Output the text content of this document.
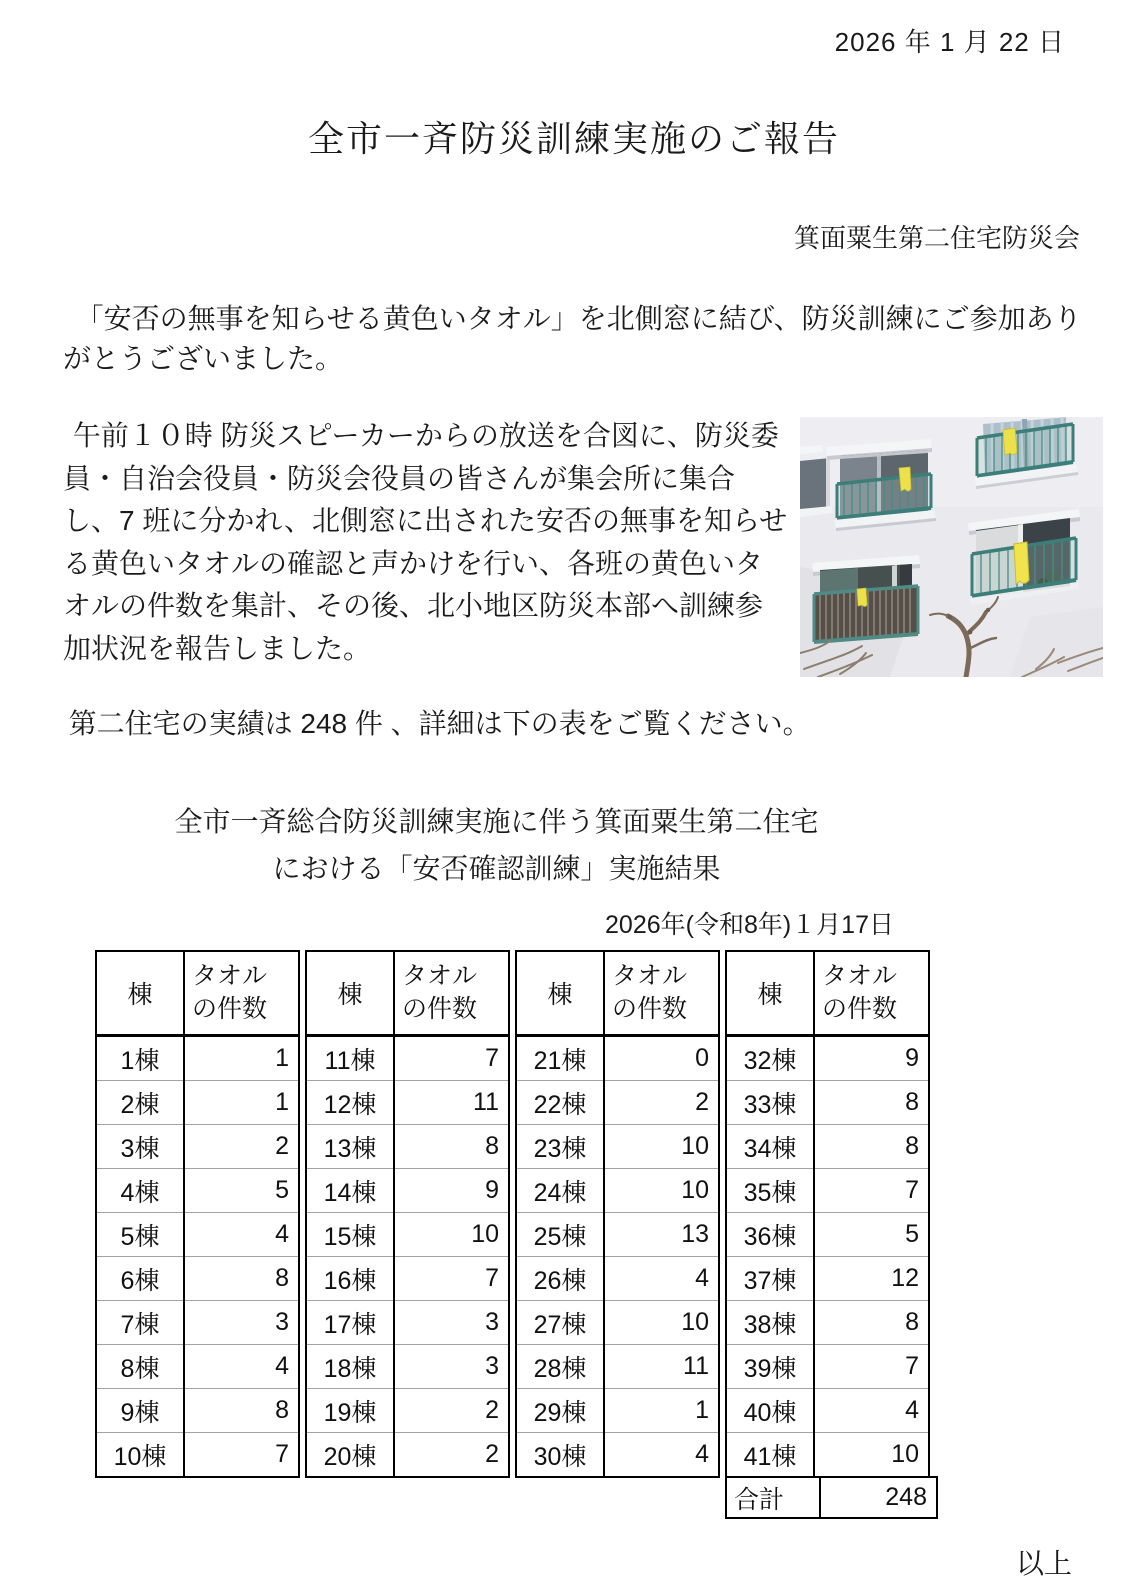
2026 年 1 月 22 日
全市一斉防災訓練実施のご報告
箕面粟生第二住宅防災会

「安否の無事を知らせる黄色いタオル」を北側窓に結び、防災訓練にご参加ありがとうございました。

午前１０時 防災スピーカーからの放送を合図に、防災委員・自治会役員・防災会役員の皆さんが集会所に集合し、7 班に分かれ、北側窓に出された安否の無事を知らせる黄色いタオルの確認と声かけを行い、各班の黄色いタオルの件数を集計、その後、北小地区防災本部へ訓練参加状況を報告しました。

第二住宅の実績は 248 件 、詳細は下の表をご覧ください。

全市一斉総合防災訓練実施に伴う箕面粟生第二住宅
における「安否確認訓練」実施結果

2026年(令和8年)１月17日
棟	タオル
の件数
1棟	1
2棟	1
3棟	2
4棟	5
5棟	4
6棟	8
7棟	3
8棟	4
9棟	8
10棟	7
棟	タオル
の件数
11棟	7
12棟	11
13棟	8
14棟	9
15棟	10
16棟	7
17棟	3
18棟	3
19棟	2
20棟	2
棟	タオル
の件数
21棟	0
22棟	2
23棟	10
24棟	10
25棟	13
26棟	4
27棟	10
28棟	11
29棟	1
30棟	4
棟	タオル
の件数
32棟	9
33棟	8
34棟	8
35棟	7
36棟	5
37棟	12
38棟	8
39棟	7
40棟	4
41棟	10
合計	248
以上
